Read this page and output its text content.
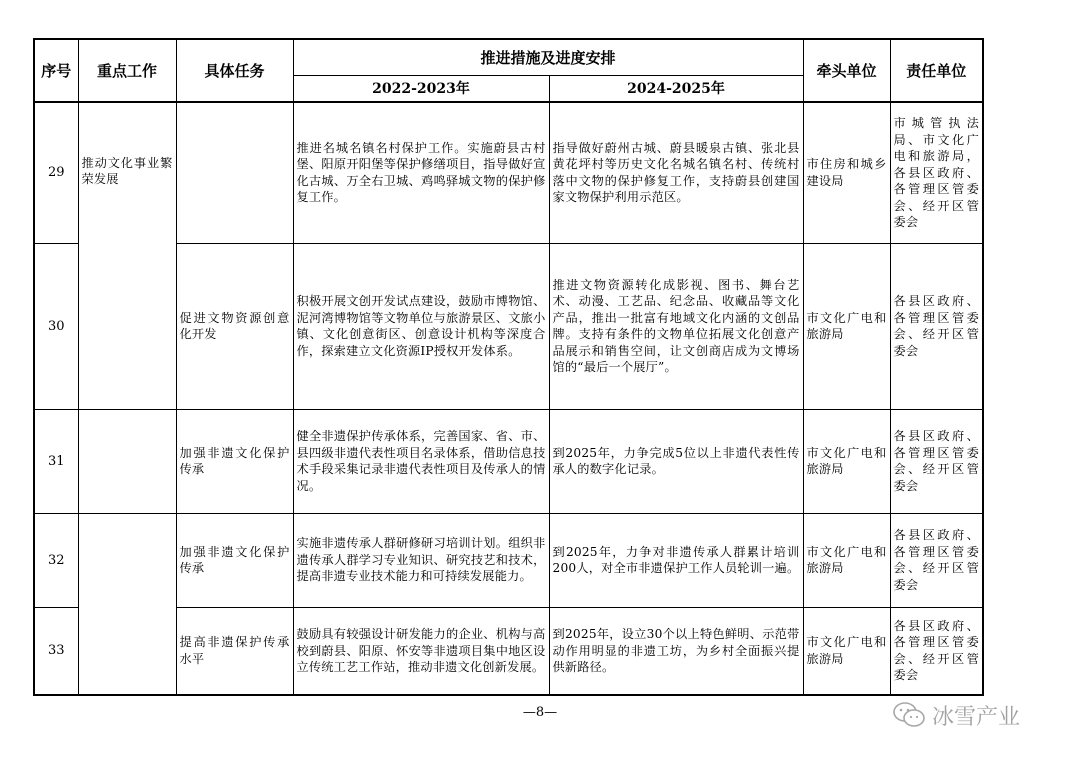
序号	重点工作	具体任务	推进措施及进度安排		牵头单位	责任单位
			2022-2023年	2024-2025年		
29	推动文化事业繁荣发展		推进名城名镇名村保护工作。实施蔚县古村堡、阳原开阳堡等保护修缮项目，指导做好宣化古城、万全右卫城、鸡鸣驿城文物的保护修复工作。	指导做好蔚州古城、蔚县暖泉古镇、张北县黄花坪村等历史文化名城名镇名村、传统村落中文物的保护修复工作，支持蔚县创建国家文物保护利用示范区。	市住房和城乡建设局	市城管执法局、市文化广电和旅游局，各县区政府、各管理区管委会、经开区管委会
30		促进文物资源创意化开发	积极开展文创开发试点建设，鼓励市博物馆、泥河湾博物馆等文物单位与旅游景区、文旅小镇、文化创意街区、创意设计机构等深度合作，探索建立文化资源IP授权开发体系。	推进文物资源转化成影视、图书、舞台艺术、动漫、工艺品、纪念品、收藏品等文化产品，推出一批富有地域文化内涵的文创品牌。支持有条件的文物单位拓展文化创意产品展示和销售空间，让文创商店成为文博场馆的“最后一个展厅”。	市文化广电和旅游局	各县区政府、各管理区管委会、经开区管委会
31		加强非遗文化保护传承	健全非遗保护传承体系，完善国家、省、市、县四级非遗代表性项目名录体系，借助信息技术手段采集记录非遗代表性项目及传承人的情况。	到2025年，力争完成5位以上非遗代表性传承人的数字化记录。	市文化广电和旅游局	各县区政府、各管理区管委会、经开区管委会
32		加强非遗文化保护传承	实施非遗传承人群研修研习培训计划。组织非遗传承人群学习专业知识、研究技艺和技术，提高非遗专业技术能力和可持续发展能力。	到2025年，力争对非遗传承人群累计培训200人，对全市非遗保护工作人员轮训一遍。	市文化广电和旅游局	各县区政府、各管理区管委会、经开区管委会
33		提高非遗保护传承水平	鼓励具有较强设计研发能力的企业、机构与高校到蔚县、阳原、怀安等非遗项目集中地区设立传统工艺工作站，推动非遗文化创新发展。	到2025年，设立30个以上特色鲜明、示范带动作用明显的非遗工坊，为乡村全面振兴提供新路径。	市文化广电和旅游局	各县区政府、各管理区管委会、经开区管委会
—8—	冰雪产业
